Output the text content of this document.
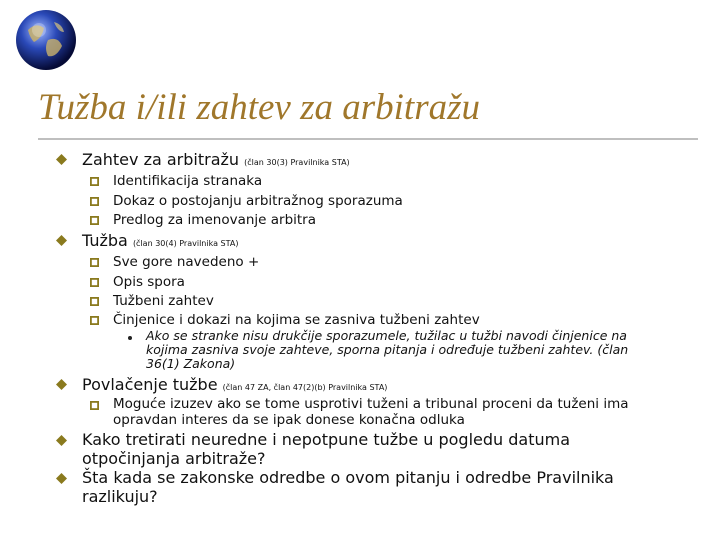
Tužba i/ili zahtev za arbitražu
Zahtev za arbitražu (član 30(3) Pravilnika STA)
Identifikacija stranaka
Dokaz o postojanju arbitražnog sporazuma
Predlog za imenovanje arbitra
Tužba (član 30(4) Pravilnika STA)
Sve gore navedeno +
Opis spora
Tužbeni zahtev
Činjenice i dokazi na kojima se zasniva tužbeni zahtev
Ako se stranke nisu drukčije sporazumele, tužilac u tužbi navodi činjenice na kojima zasniva svoje zahteve, sporna pitanja i određuje tužbeni zahtev. (član 36(1) Zakona)
Povlačenje tužbe (član 47 ZA, član 47(2)(b) Pravilnika STA)
Moguće izuzev ako se tome usprotivi tuženi a tribunal proceni da tuženi ima opravdan interes da se ipak donese konačna odluka
Kako tretirati neuredne i nepotpune tužbe u pogledu datuma otpočinjanja arbitraže?
Šta kada se zakonske odredbe o ovom pitanju i odredbe Pravilnika razlikuju?
